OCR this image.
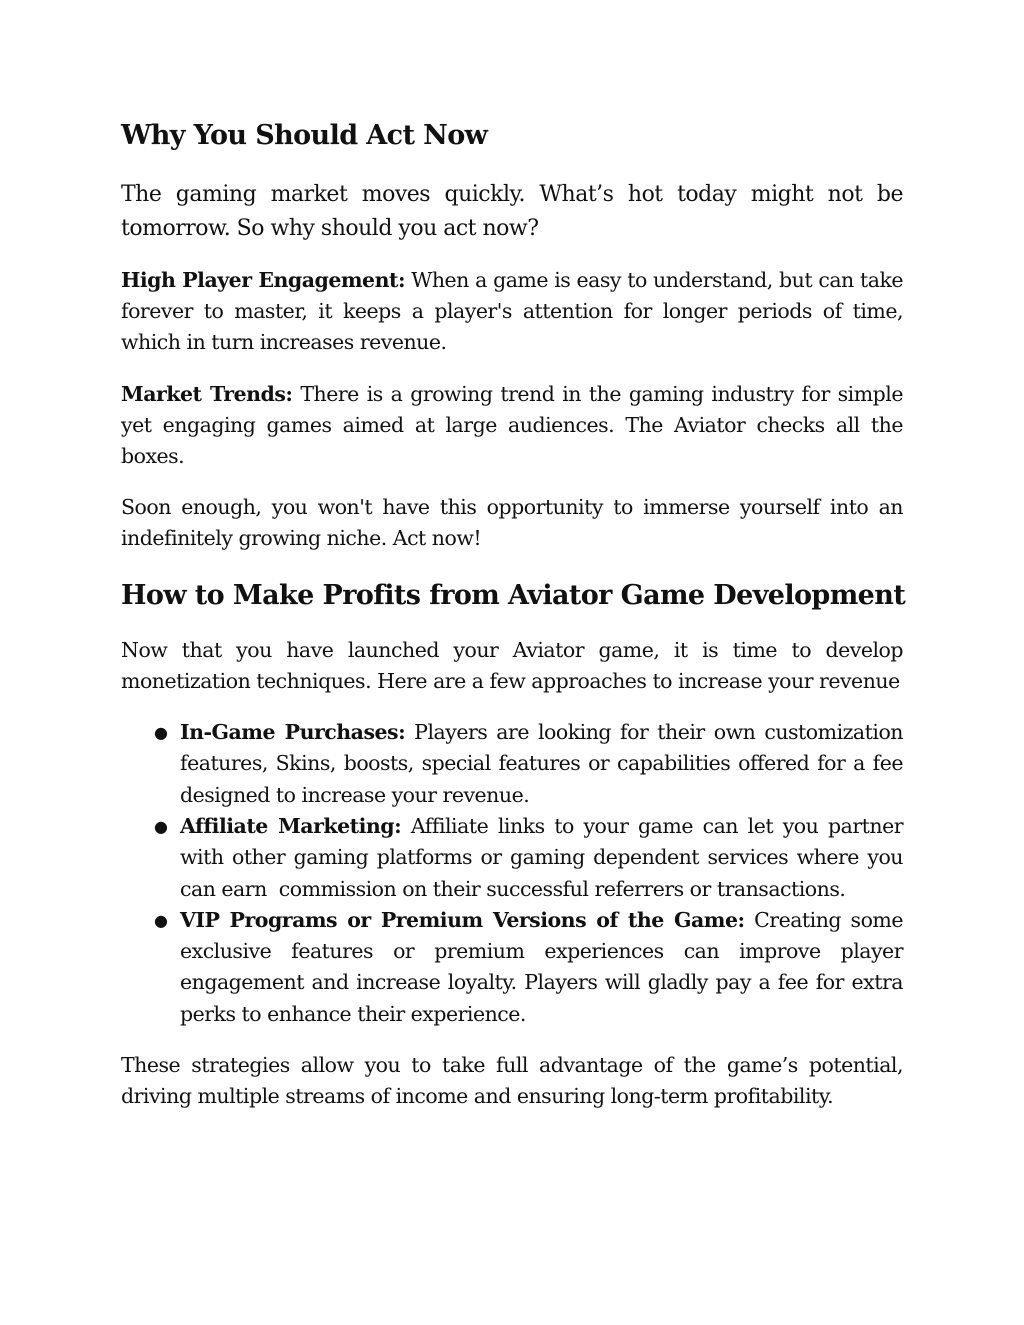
Why You Should Act Now

The gaming market moves quickly. What’s hot today might not be tomorrow. So why should you act now?

High Player Engagement: When a game is easy to understand, but can take forever to master, it keeps a player's attention for longer periods of time, which in turn increases revenue.

Market Trends: There is a growing trend in the gaming industry for simple yet engaging games aimed at large audiences. The Aviator checks all the boxes.

Soon enough, you won't have this opportunity to immerse yourself into an indefinitely growing niche. Act now!

How to Make Profits from Aviator Game Development

Now that you have launched your Aviator game, it is time to develop monetization techniques. Here are a few approaches to increase your revenue

● In-Game Purchases: Players are looking for their own customization features, Skins, boosts, special features or capabilities offered for a fee designed to increase your revenue.
● Affiliate Marketing: Affiliate links to your game can let you partner with other gaming platforms or gaming dependent services where you can earn  commission on their successful referrers or transactions.
● VIP Programs or Premium Versions of the Game: Creating some exclusive features or premium experiences can improve player engagement and increase loyalty. Players will gladly pay a fee for extra perks to enhance their experience.

These strategies allow you to take full advantage of the game’s potential, driving multiple streams of income and ensuring long-term profitability.
